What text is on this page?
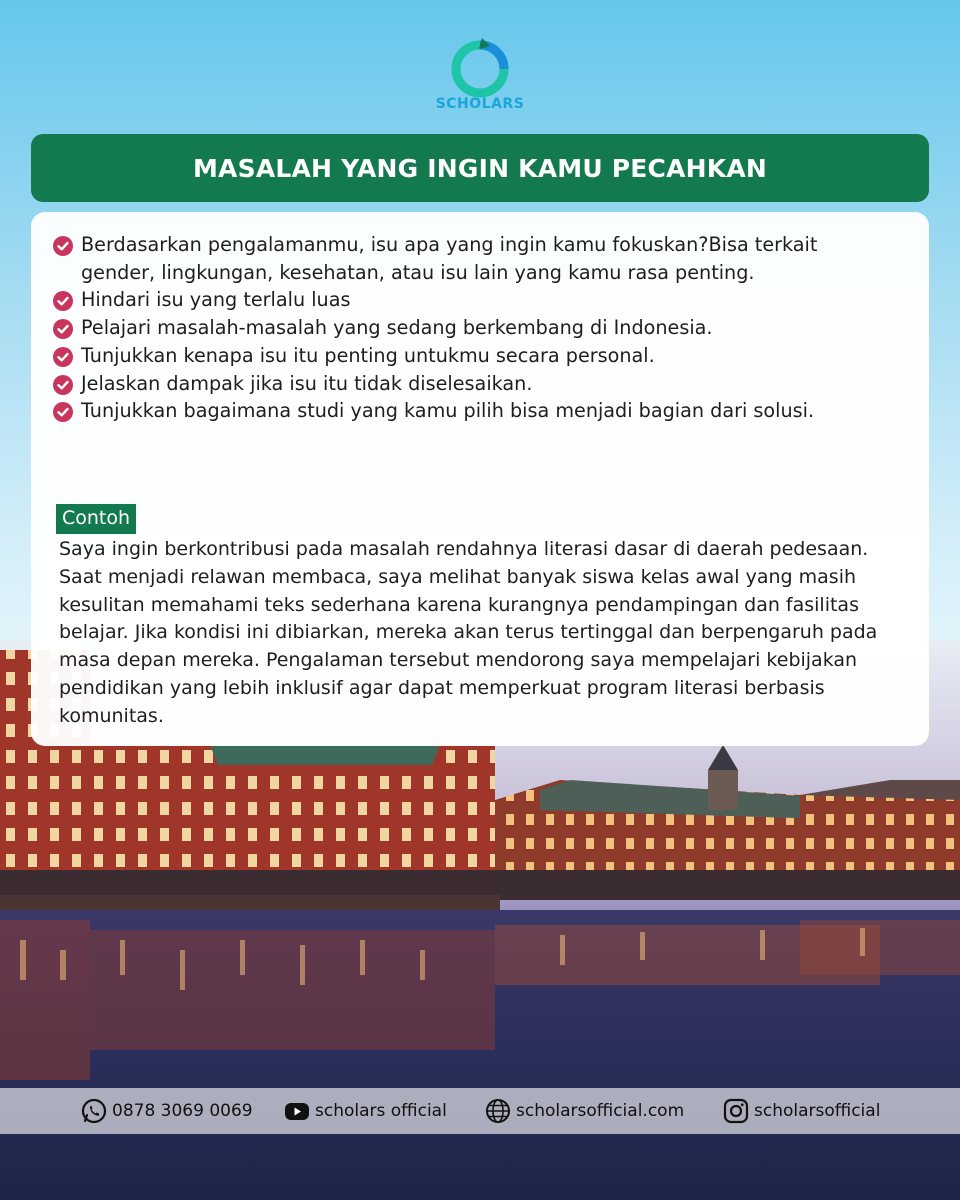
SCHOLARS
MASALAH YANG INGIN KAMU PECAHKAN
Berdasarkan pengalamanmu, isu apa yang ingin kamu fokuskan?Bisa terkait gender, lingkungan, kesehatan, atau isu lain yang kamu rasa penting.
Hindari isu yang terlalu luas
Pelajari masalah-masalah yang sedang berkembang di Indonesia.
Tunjukkan kenapa isu itu penting untukmu secara personal.
Jelaskan dampak jika isu itu tidak diselesaikan.
Tunjukkan bagaimana studi yang kamu pilih bisa menjadi bagian dari solusi.
Contoh

Saya ingin berkontribusi pada masalah rendahnya literasi dasar di daerah pedesaan. Saat menjadi relawan membaca, saya melihat banyak siswa kelas awal yang masih kesulitan memahami teks sederhana karena kurangnya pendampingan dan fasilitas belajar. Jika kondisi ini dibiarkan, mereka akan terus tertinggal dan berpengaruh pada masa depan mereka. Pengalaman tersebut mendorong saya mempelajari kebijakan pendidikan yang lebih inklusif agar dapat memperkuat program literasi berbasis komunitas.

0878 3069 0069	scholars official	scholarsofficial.com	scholarsofficial
